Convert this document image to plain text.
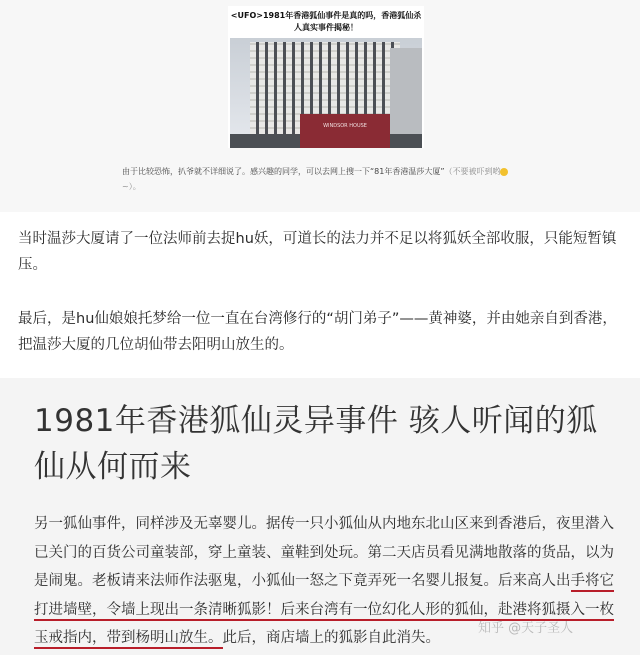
<UFO>1981年香港狐仙事件是真的吗，香港狐仙杀人真实事件揭秘！
WINDSOR HOUSE
由于比较恐怖，扒爷就不详细说了。感兴趣的同学，可以去网上搜一下“81年香港温莎大厦”（不要被吓到哟~）。

当时温莎大厦请了一位法师前去捉hu妖，可道长的法力并不足以将狐妖全部收服，只能短暂镇压。

最后，是hu仙娘娘托梦给一位一直在台湾修行的“胡门弟子”——黄神婆，并由她亲自到香港，把温莎大厦的几位胡仙带去阳明山放生的。

1981年香港狐仙灵异事件 骇人听闻的狐仙从何而来
另一狐仙事件，同样涉及无辜婴儿。据传一只小狐仙从内地东北山区来到香港后，夜里潜入已关门的百货公司童装部，穿上童装、童鞋到处玩。第二天店员看见满地散落的货品，以为是闹鬼。老板请来法师作法驱鬼，小狐仙一怒之下竟弄死一名婴儿报复。后来高人出手将它打进墙壁，令墙上现出一条清晰狐影！后来台湾有一位幻化人形的狐仙，赴港将狐摄入一枚玉戒指内，带到杨明山放生。此后，商店墙上的狐影自此消失。
知乎 @天子圣人
